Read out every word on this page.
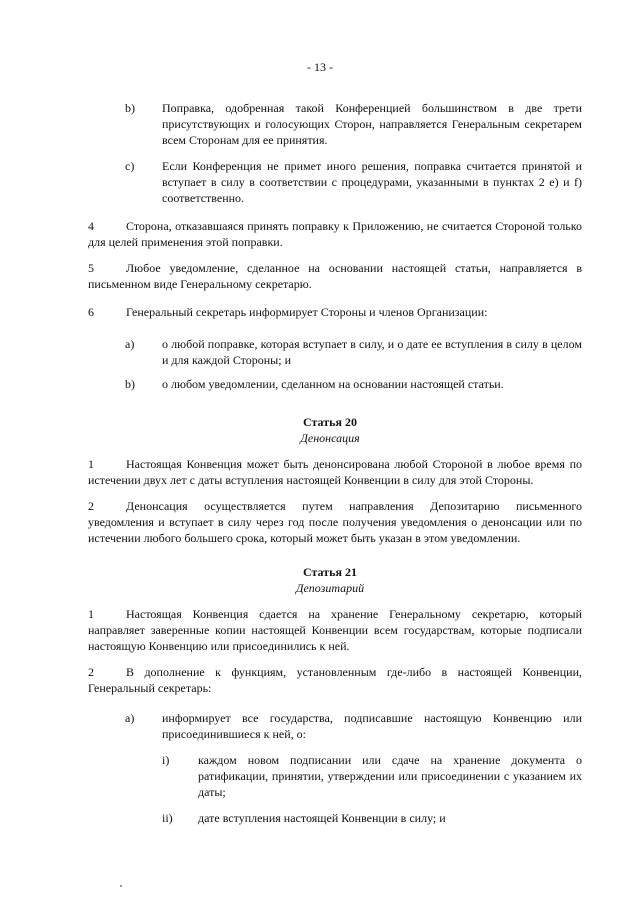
- 13 -
b) Поправка, одобренная такой Конференцией большинством в две трети присутствующих и голосующих Сторон, направляется Генеральным секретарем всем Сторонам для ее принятия.
c) Если Конференция не примет иного решения, поправка считается принятой и вступает в силу в соответствии с процедурами, указанными в пунктах 2 e) и f) соответственно.
4	Сторона, отказавшаяся принять поправку к Приложению, не считается Стороной только для целей применения этой поправки.
5	Любое уведомление, сделанное на основании настоящей статьи, направляется в письменном виде Генеральному секретарю.
6	Генеральный секретарь информирует Стороны и членов Организации:
a) о любой поправке, которая вступает в силу, и о дате ее вступления в силу в целом и для каждой Стороны; и
b) о любом уведомлении, сделанном на основании настоящей статьи.
Статья 20
Денонсация
1	Настоящая Конвенция может быть денонсирована любой Стороной в любое время по истечении двух лет с даты вступления настоящей Конвенции в силу для этой Стороны.
2	Денонсация осуществляется путем направления Депозитарию письменного уведомления и вступает в силу через год после получения уведомления о денонсации или по истечении любого большего срока, который может быть указан в этом уведомлении.
Статья 21
Депозитарий
1	Настоящая Конвенция сдается на хранение Генеральному секретарю, который направляет заверенные копии настоящей Конвенции всем государствам, которые подписали настоящую Конвенцию или присоединились к ней.
2	В дополнение к функциям, установленным где-либо в настоящей Конвенции, Генеральный секретарь:
a) информирует все государства, подписавшие настоящую Конвенцию или присоединившиеся к ней, о:
i) каждом новом подписании или сдаче на хранение документа о ратификации, принятии, утверждении или присоединении с указанием их даты;
ii) дате вступления настоящей Конвенции в силу; и
